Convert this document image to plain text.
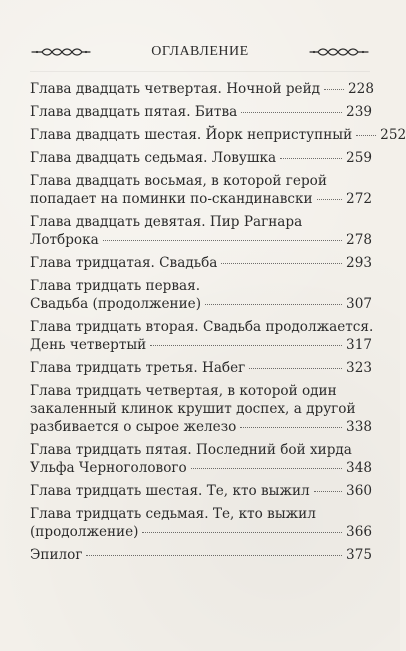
ОГЛАВЛЕНИЕ
Глава двадцать четвертая. Ночной рейд 228
Глава двадцать пятая. Битва	239
Глава двадцать шестая. Йорк неприступный 252
Глава двадцать седьмая. Ловушка	259
Глава двадцать восьмая, в которой герой
попадает на поминки по-скандинавски 272
Глава двадцать девятая. Пир Рагнара
Лотброка	278
Глава тридцатая. Свадьба	293
Глава тридцать первая.
Свадьба (продолжение)	307
Глава тридцать вторая. Свадьба продолжается.
День четвертый	317
Глава тридцать третья. Набег	323
Глава тридцать четвертая, в которой один
закаленный клинок крушит доспех, а другой
разбивается о сырое железо	338
Глава тридцать пятая. Последний бой хирда
Ульфа Черноголового	348
Глава тридцать шестая. Те, кто выжил	360
Глава тридцать седьмая. Те, кто выжил
(продолжение)	366
Эпилог	375
